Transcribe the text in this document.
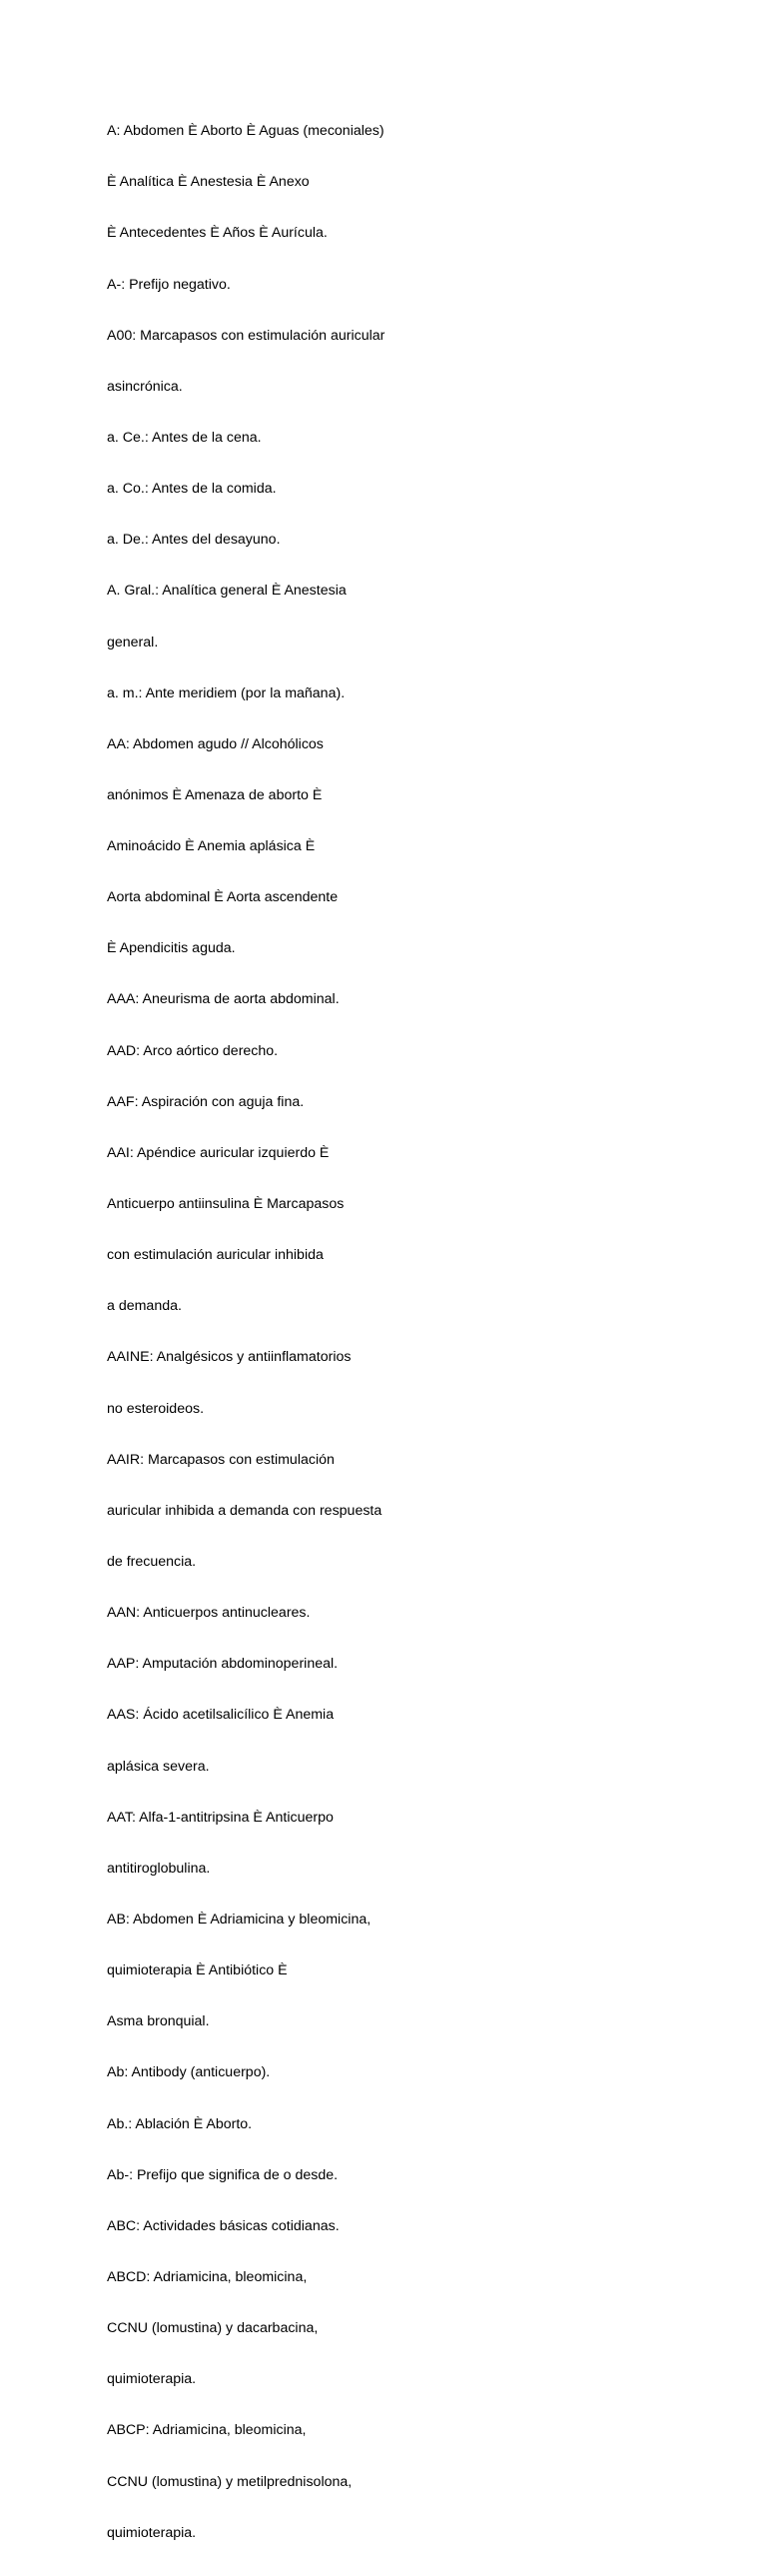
A: Abdomen È Aborto È Aguas (meconiales)

È Analítica È Anestesia È Anexo

È Antecedentes È Años È Aurícula.

A-: Prefijo negativo.

A00: Marcapasos con estimulación auricular

asincrónica.

a. Ce.: Antes de la cena.

a. Co.: Antes de la comida.

a. De.: Antes del desayuno.

A. Gral.: Analítica general È Anestesia

general.

a. m.: Ante meridiem (por la mañana).

AA: Abdomen agudo // Alcohólicos

anónimos È Amenaza de aborto È

Aminoácido È Anemia aplásica È

Aorta abdominal È Aorta ascendente

È Apendicitis aguda.

AAA: Aneurisma de aorta abdominal.

AAD: Arco aórtico derecho.

AAF: Aspiración con aguja fina.

AAI: Apéndice auricular izquierdo È

Anticuerpo antiinsulina È Marcapasos

con estimulación auricular inhibida

a demanda.

AAINE: Analgésicos y antiinflamatorios

no esteroideos.

AAIR: Marcapasos con estimulación

auricular inhibida a demanda con respuesta

de frecuencia.

AAN: Anticuerpos antinucleares.

AAP: Amputación abdominoperineal.

AAS: Ácido acetilsalicílico È Anemia

aplásica severa.

AAT: Alfa-1-antitripsina È Anticuerpo

antitiroglobulina.

AB: Abdomen È Adriamicina y bleomicina,

quimioterapia È Antibiótico È

Asma bronquial.

Ab: Antibody (anticuerpo).

Ab.: Ablación È Aborto.

Ab-: Prefijo que significa de o desde.

ABC: Actividades básicas cotidianas.

ABCD: Adriamicina, bleomicina,

CCNU (lomustina) y dacarbacina,

quimioterapia.

ABCP: Adriamicina, bleomicina,

CCNU (lomustina) y metilprednisolona,

quimioterapia.
